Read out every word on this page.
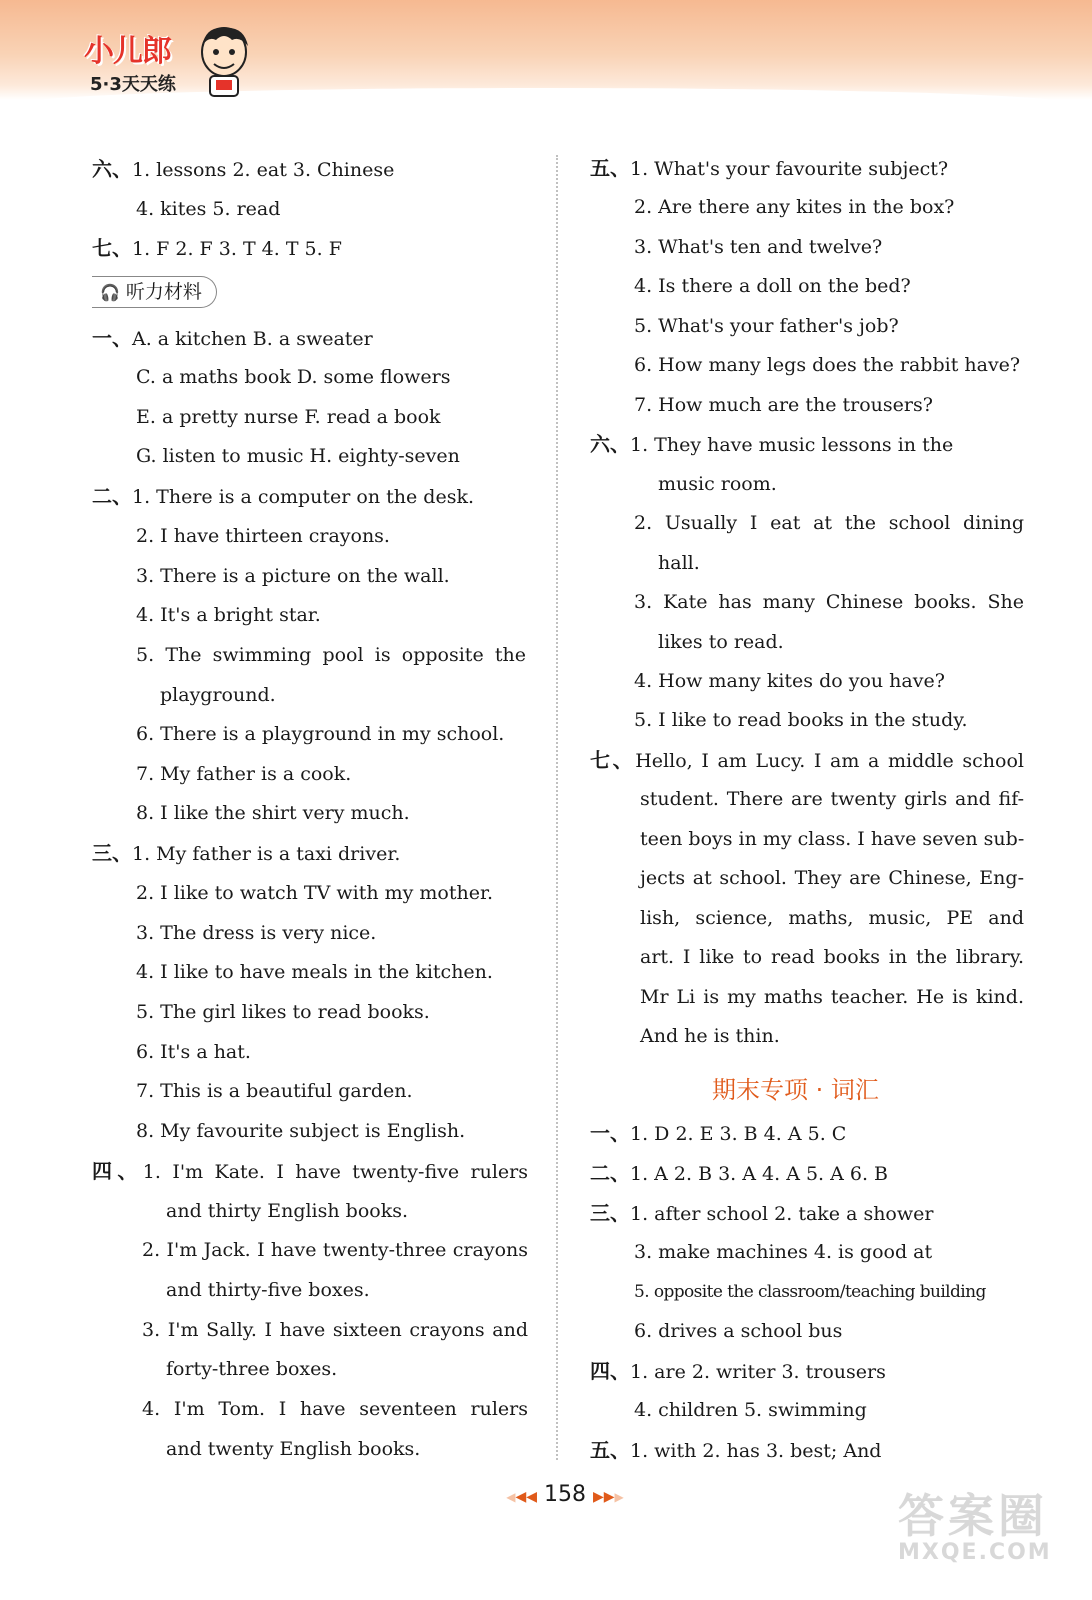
小儿郎
5·3天天练
六、1. lessons 2. eat 3. Chinese
4. kites 5. read
七、1. F 2. F 3. T 4. T 5. F
🎧 听力材料
一、A. a kitchen B. a sweater
C. a maths book D. some flowers
E. a pretty nurse F. read a book
G. listen to music H. eighty-seven
二、1. There is a computer on the desk.
2. I have thirteen crayons.
3. There is a picture on the wall.
4. It's a bright star.
5. The swimming pool is opposite the
playground.
6. There is a playground in my school.
7. My father is a cook.
8. I like the shirt very much.
三、1. My father is a taxi driver.
2. I like to watch TV with my mother.
3. The dress is very nice.
4. I like to have meals in the kitchen.
5. The girl likes to read books.
6. It's a hat.
7. This is a beautiful garden.
8. My favourite subject is English.
四、1. I'm Kate. I have twenty-five rulers
and thirty English books.
2. I'm Jack. I have twenty-three crayons
and thirty-five boxes.
3. I'm Sally. I have sixteen crayons and
forty-three boxes.
4. I'm Tom. I have seventeen rulers
and twenty English books.
五、1. What's your favourite subject?
2. Are there any kites in the box?
3. What's ten and twelve?
4. Is there a doll on the bed?
5. What's your father's job?
6. How many legs does the rabbit have?
7. How much are the trousers?
六、1. They have music lessons in the
music room.
2. Usually I eat at the school dining
hall.
3. Kate has many Chinese books. She
likes to read.
4. How many kites do you have?
5. I like to read books in the study.
七、Hello, I am Lucy. I am a middle school
student. There are twenty girls and fif-
teen boys in my class. I have seven sub-
jects at school. They are Chinese, Eng-
lish, science, maths, music, PE and
art. I like to read books in the library.
Mr Li is my maths teacher. He is kind.
And he is thin.
期末专项 · 词汇
一、1. D 2. E 3. B 4. A 5. C
二、1. A 2. B 3. A 4. A 5. A 6. B
三、1. after school 2. take a shower
3. make machines 4. is good at
5. opposite the classroom/teaching building
6. drives a school bus
四、1. are 2. writer 3. trousers
4. children 5. swimming
五、1. with 2. has 3. best; And
◀◀◀ 158 ▶▶▶	答案圈
MXQE.COM
